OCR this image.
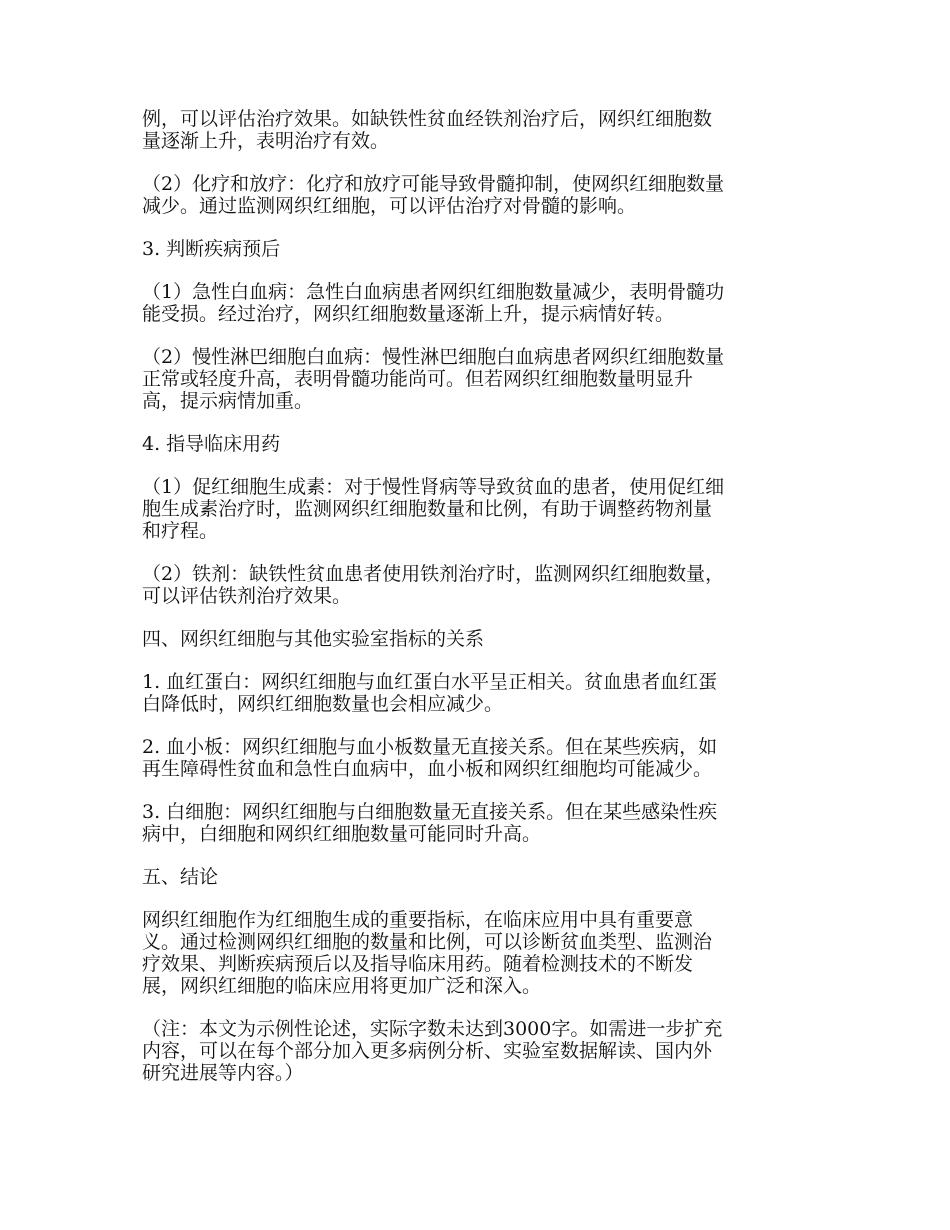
例，可以评估治疗效果。如缺铁性贫血经铁剂治疗后，网织红细胞数
量逐渐上升，表明治疗有效。
（2）化疗和放疗：化疗和放疗可能导致骨髓抑制，使网织红细胞数量
减少。通过监测网织红细胞，可以评估治疗对骨髓的影响。
3. 判断疾病预后
（1）急性白血病：急性白血病患者网织红细胞数量减少，表明骨髓功
能受损。经过治疗，网织红细胞数量逐渐上升，提示病情好转。
（2）慢性淋巴细胞白血病：慢性淋巴细胞白血病患者网织红细胞数量
正常或轻度升高，表明骨髓功能尚可。但若网织红细胞数量明显升
高，提示病情加重。
4. 指导临床用药
（1）促红细胞生成素：对于慢性肾病等导致贫血的患者，使用促红细
胞生成素治疗时，监测网织红细胞数量和比例，有助于调整药物剂量
和疗程。
（2）铁剂：缺铁性贫血患者使用铁剂治疗时，监测网织红细胞数量，
可以评估铁剂治疗效果。
四、网织红细胞与其他实验室指标的关系
1. 血红蛋白：网织红细胞与血红蛋白水平呈正相关。贫血患者血红蛋
白降低时，网织红细胞数量也会相应减少。
2. 血小板：网织红细胞与血小板数量无直接关系。但在某些疾病，如
再生障碍性贫血和急性白血病中，血小板和网织红细胞均可能减少。
3. 白细胞：网织红细胞与白细胞数量无直接关系。但在某些感染性疾
病中，白细胞和网织红细胞数量可能同时升高。
五、结论
网织红细胞作为红细胞生成的重要指标，在临床应用中具有重要意
义。通过检测网织红细胞的数量和比例，可以诊断贫血类型、监测治
疗效果、判断疾病预后以及指导临床用药。随着检测技术的不断发
展，网织红细胞的临床应用将更加广泛和深入。
（注：本文为示例性论述，实际字数未达到3000字。如需进一步扩充
内容，可以在每个部分加入更多病例分析、实验室数据解读、国内外
研究进展等内容。）
